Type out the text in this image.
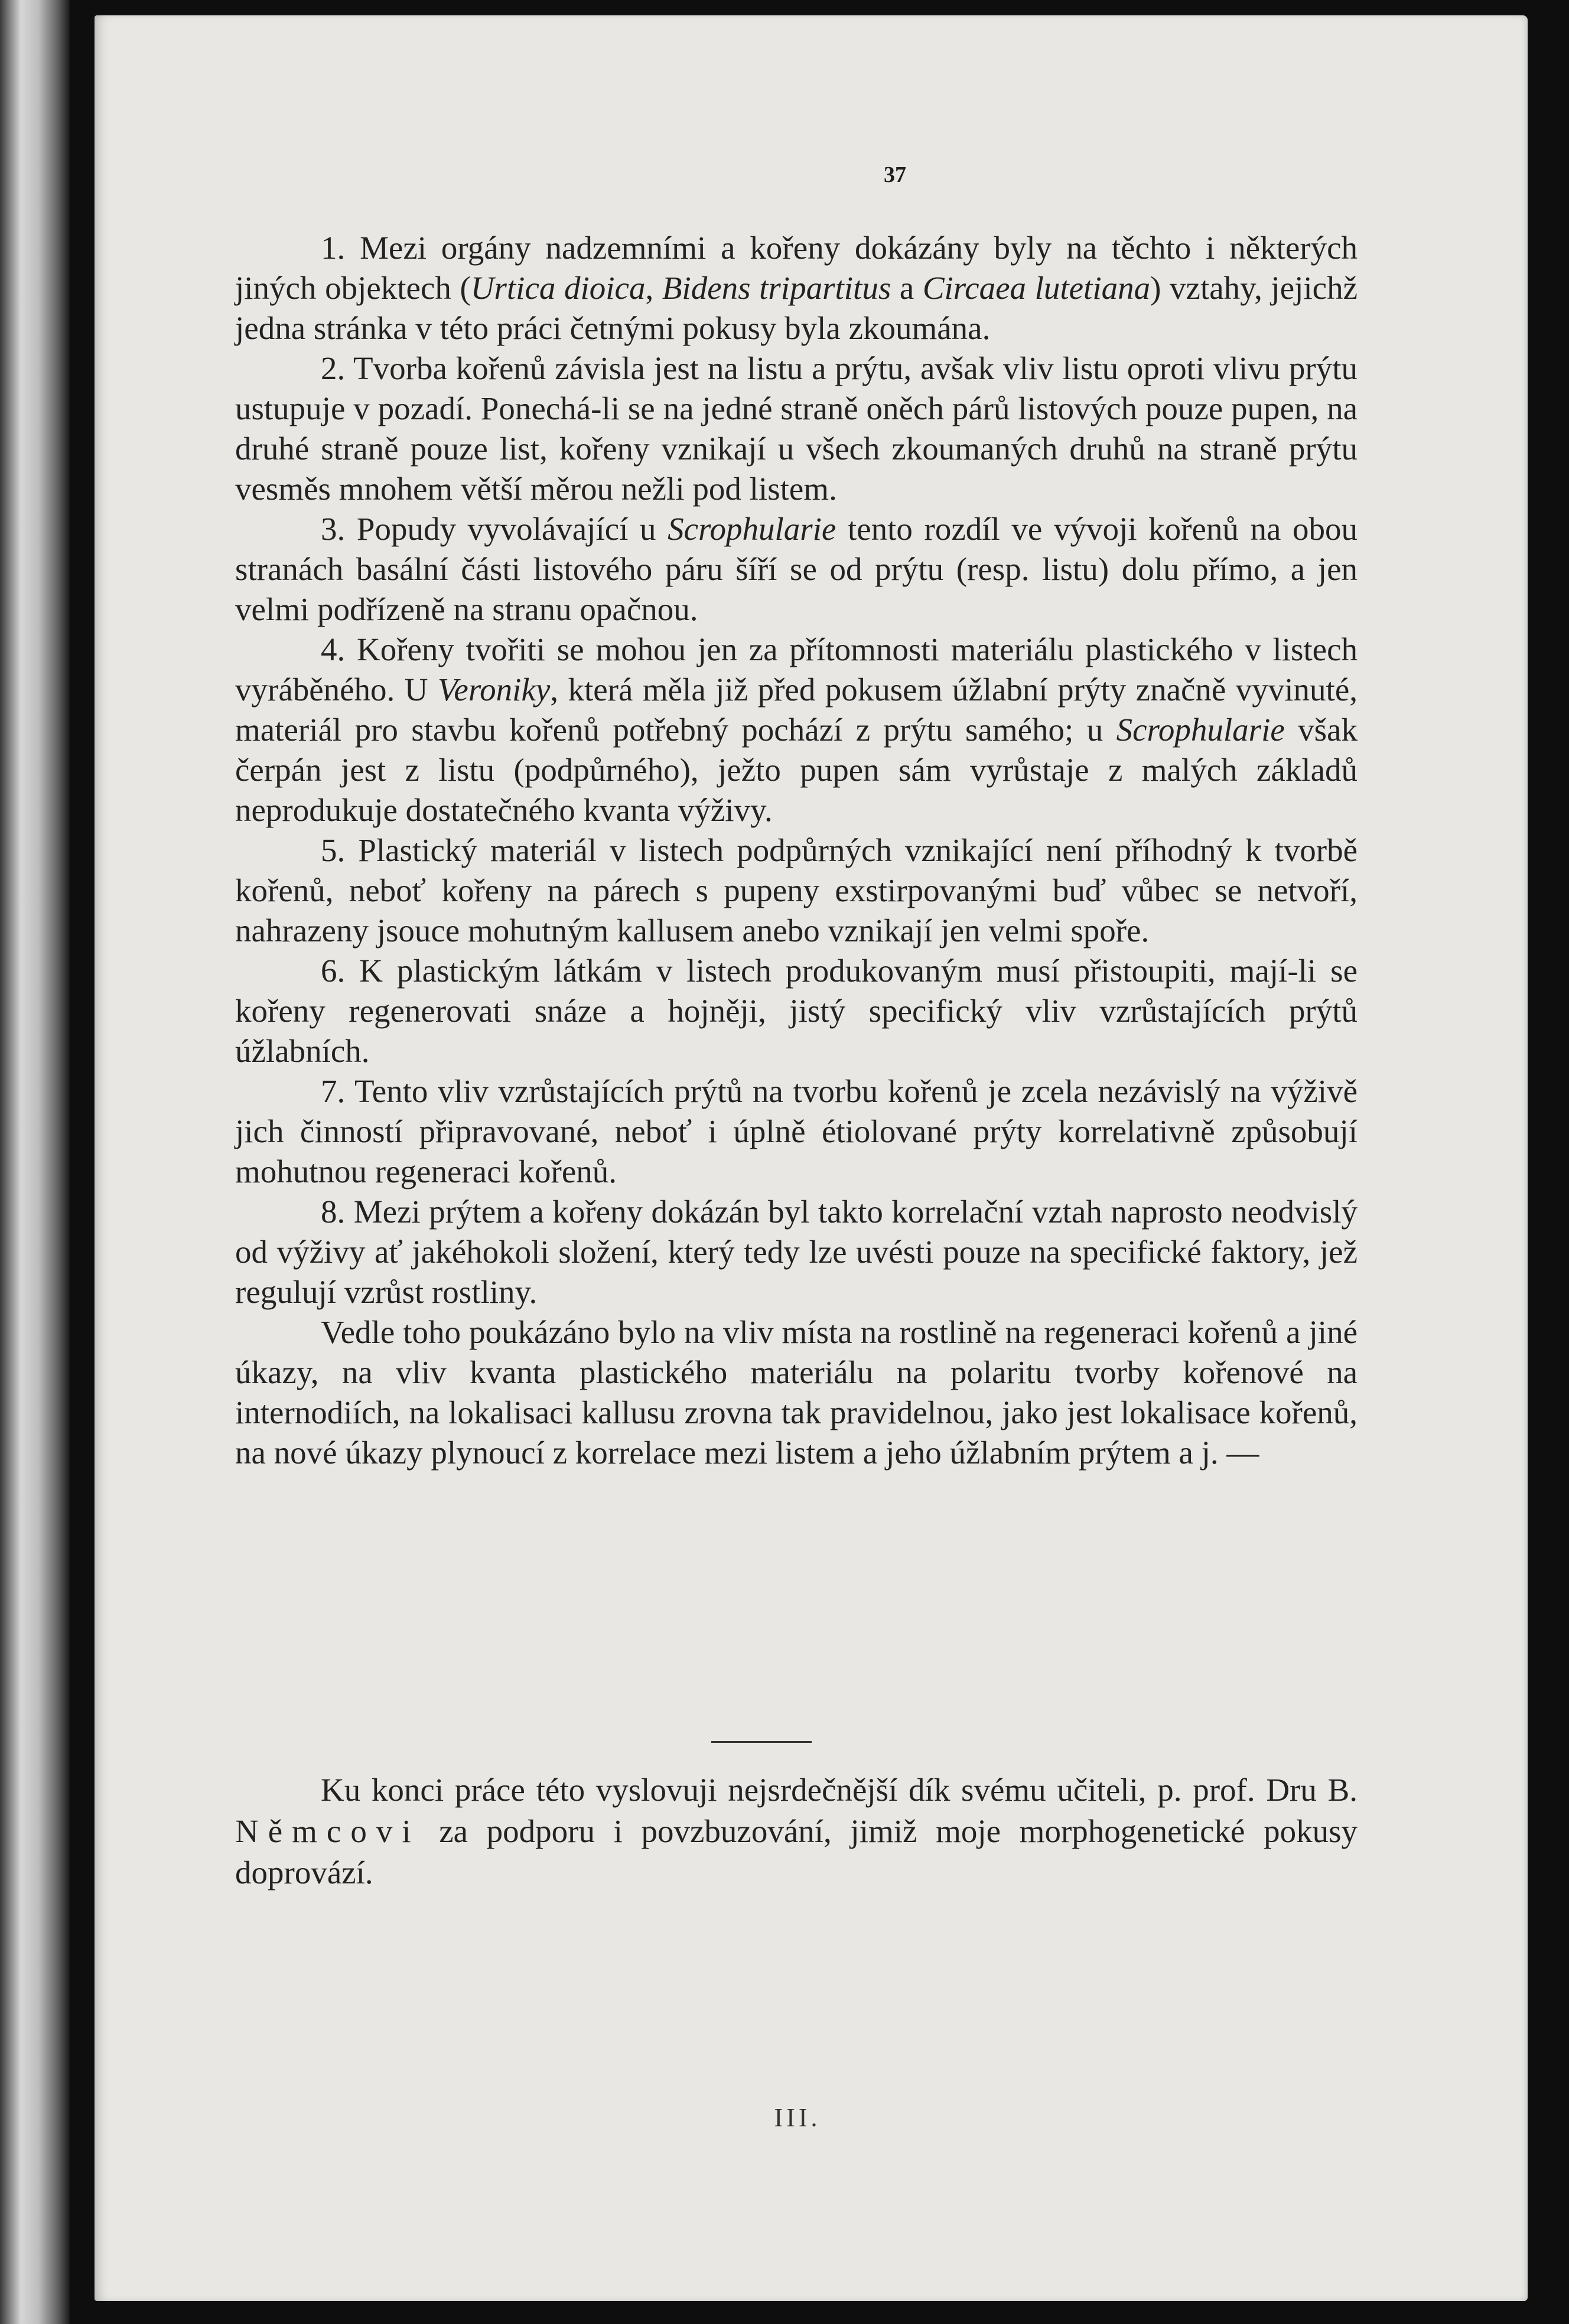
37

1. Mezi orgány nadzemními a kořeny dokázány byly na těchto i některých jiných objektech (Urtica dioica, Bidens tripartitus a Circaea lutetiana) vztahy, jejichž jedna stránka v této práci četnými pokusy byla zkoumána.

2. Tvorba kořenů závisla jest na listu a prýtu, avšak vliv listu oproti vlivu prýtu ustupuje v pozadí. Ponechá-li se na jedné straně oněch párů listových pouze pupen, na druhé straně pouze list, kořeny vznikají u všech zkoumaných druhů na straně prýtu vesměs mnohem větší měrou nežli pod listem.

3. Popudy vyvolávající u Scrophularie tento rozdíl ve vývoji kořenů na obou stranách basální části listového páru šíří se od prýtu (resp. listu) dolu přímo, a jen velmi podřízeně na stranu opačnou.

4. Kořeny tvořiti se mohou jen za přítomnosti materiálu plastického v listech vyráběného. U Veroniky, která měla již před pokusem úžlabní prýty značně vyvinuté, materiál pro stavbu kořenů potřebný pochází z prýtu samého; u Scrophularie však čerpán jest z listu (podpůrného), ježto pupen sám vyrůstaje z malých základů neprodukuje dostatečného kvanta výživy.

5. Plastický materiál v listech podpůrných vznikající není příhodný k tvorbě kořenů, neboť kořeny na párech s pupeny exstirpovanými buď vůbec se netvoří, nahrazeny jsouce mohutným kallusem anebo vznikají jen velmi spoře.

6. K plastickým látkám v listech produkovaným musí přistoupiti, mají-li se kořeny regenerovati snáze a hojněji, jistý specifický vliv vzrůstajících prýtů úžlabních.

7. Tento vliv vzrůstajících prýtů na tvorbu kořenů je zcela nezávislý na výživě jich činností připravované, neboť i úplně étiolované prýty korrelativně způsobují mohutnou regeneraci kořenů.

8. Mezi prýtem a kořeny dokázán byl takto korrelační vztah naprosto neodvislý od výživy ať jakéhokoli složení, který tedy lze uvésti pouze na specifické faktory, jež regulují vzrůst rostliny.

Vedle toho poukázáno bylo na vliv místa na rostlině na regeneraci kořenů a jiné úkazy, na vliv kvanta plastického materiálu na polaritu tvorby kořenové na internodiích, na lokalisaci kallusu zrovna tak pravidelnou, jako jest lokalisace kořenů, na nové úkazy plynoucí z korrelace mezi listem a jeho úžlabním prýtem a j. —

Ku konci práce této vyslovuji nejsrdečnější dík svému učiteli, p. prof. Dru B. Němcovi za podporu i povzbuzování, jimiž moje morphogenetické pokusy doprovází.

III.
